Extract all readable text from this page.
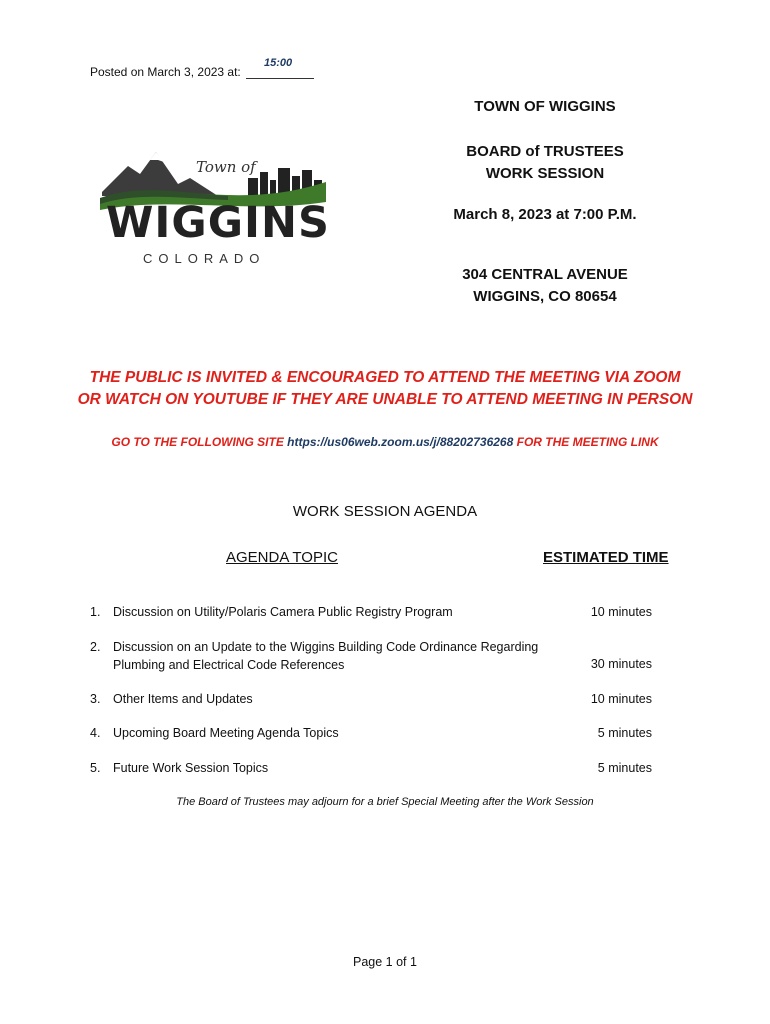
Posted on March 3, 2023 at:
15:00
Town of
WIGGINS
COLORADO
TOWN OF WIGGINS
BOARD of TRUSTEES
WORK SESSION
March 8, 2023 at 7:00 P.M.
304 CENTRAL AVENUE
WIGGINS, CO 80654
THE PUBLIC IS INVITED & ENCOURAGED TO ATTEND THE MEETING VIA ZOOM
OR WATCH ON YOUTUBE IF THEY ARE UNABLE TO ATTEND MEETING IN PERSON
GO TO THE FOLLOWING SITE https://us06web.zoom.us/j/88202736268 FOR THE MEETING LINK
WORK SESSION AGENDA
AGENDA TOPIC	ESTIMATED TIME
1. Discussion on Utility/Polaris Camera Public Registry Program	10 minutes
2. Discussion on an Update to the Wiggins Building Code Ordinance Regarding
Plumbing and Electrical Code References	30 minutes
3. Other Items and Updates	10 minutes
4. Upcoming Board Meeting Agenda Topics	5 minutes
5. Future Work Session Topics	5 minutes
The Board of Trustees may adjourn for a brief Special Meeting after the Work Session
Page 1 of 1
